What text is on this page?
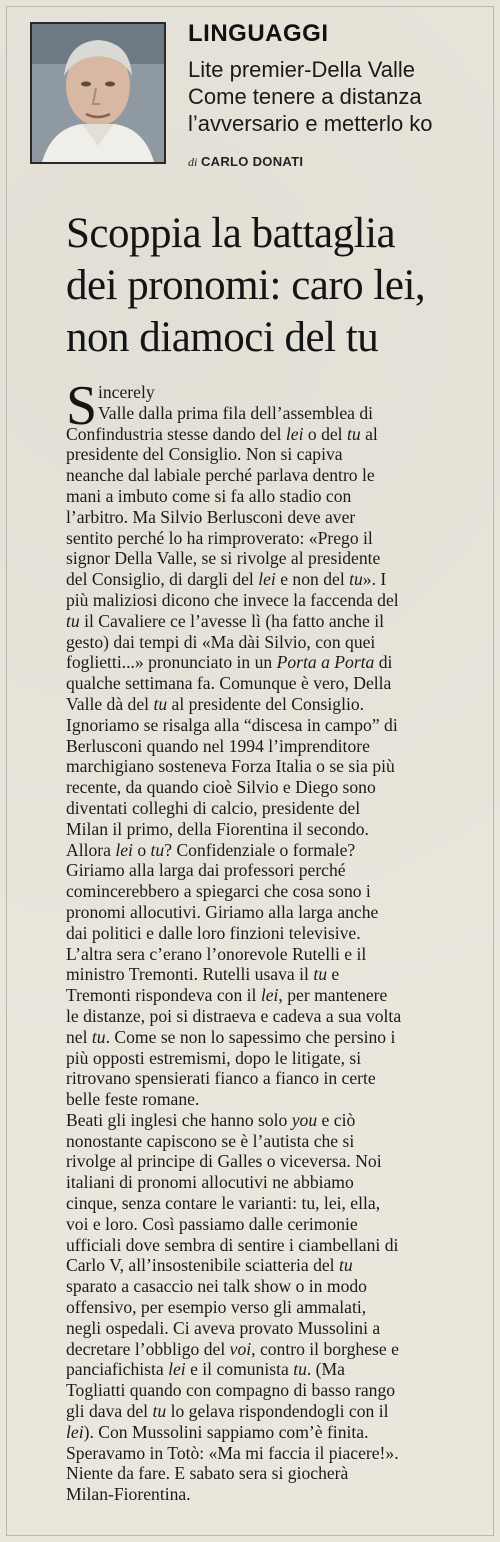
LINGUAGGI
Lite premier-Della Valle
Come tenere a distanza
l’avversario e metterlo ko
di CARLO DONATI
Scoppia la battaglia
dei pronomi: caro lei,
non diamoci del tu
S incerely
Valle dalla prima fila dell’assemblea di
Confindustria stesse dando del lei o del tu al
presidente del Consiglio. Non si capiva
neanche dal labiale perché parlava dentro le
mani a imbuto come si fa allo stadio con
l’arbitro. Ma Silvio Berlusconi deve aver
sentito perché lo ha rimproverato: «Prego il
signor Della Valle, se si rivolge al presidente
del Consiglio, di dargli del lei e non del tu». I
più maliziosi dicono che invece la faccenda del
tu il Cavaliere ce l’avesse lì (ha fatto anche il
gesto) dai tempi di «Ma dài Silvio, con quei
foglietti...» pronunciato in un Porta a Porta di
qualche settimana fa. Comunque è vero, Della
Valle dà del tu al presidente del Consiglio.
Ignoriamo se risalga alla “discesa in campo” di
Berlusconi quando nel 1994 l’imprenditore
marchigiano sosteneva Forza Italia o se sia più
recente, da quando cioè Silvio e Diego sono
diventati colleghi di calcio, presidente del
Milan il primo, della Fiorentina il secondo.
Allora lei o tu? Confidenziale o formale?
Giriamo alla larga dai professori perché
comincerebbero a spiegarci che cosa sono i
pronomi allocutivi. Giriamo alla larga anche
dai politici e dalle loro finzioni televisive.
L’altra sera c’erano l’onorevole Rutelli e il
ministro Tremonti. Rutelli usava il tu e
Tremonti rispondeva con il lei, per mantenere
le distanze, poi si distraeva e cadeva a sua volta
nel tu. Come se non lo sapessimo che persino i
più opposti estremismi, dopo le litigate, si
ritrovano spensierati fianco a fianco in certe
belle feste romane.
Beati gli inglesi che hanno solo you e ciò
nonostante capiscono se è l’autista che si
rivolge al principe di Galles o viceversa. Noi
italiani di pronomi allocutivi ne abbiamo
cinque, senza contare le varianti: tu, lei, ella,
voi e loro. Così passiamo dalle cerimonie
ufficiali dove sembra di sentire i ciambellani di
Carlo V, all’insostenibile sciatteria del tu
sparato a casaccio nei talk show o in modo
offensivo, per esempio verso gli ammalati,
negli ospedali. Ci aveva provato Mussolini a
decretare l’obbligo del voi, contro il borghese e
panciafichista lei e il comunista tu. (Ma
Togliatti quando con compagno di basso rango
gli dava del tu lo gelava rispondendogli con il
lei). Con Mussolini sappiamo com’è finita.
Speravamo in Totò: «Ma mi faccia il piacere!».
Niente da fare. E sabato sera si giocherà
Milan-Fiorentina.
